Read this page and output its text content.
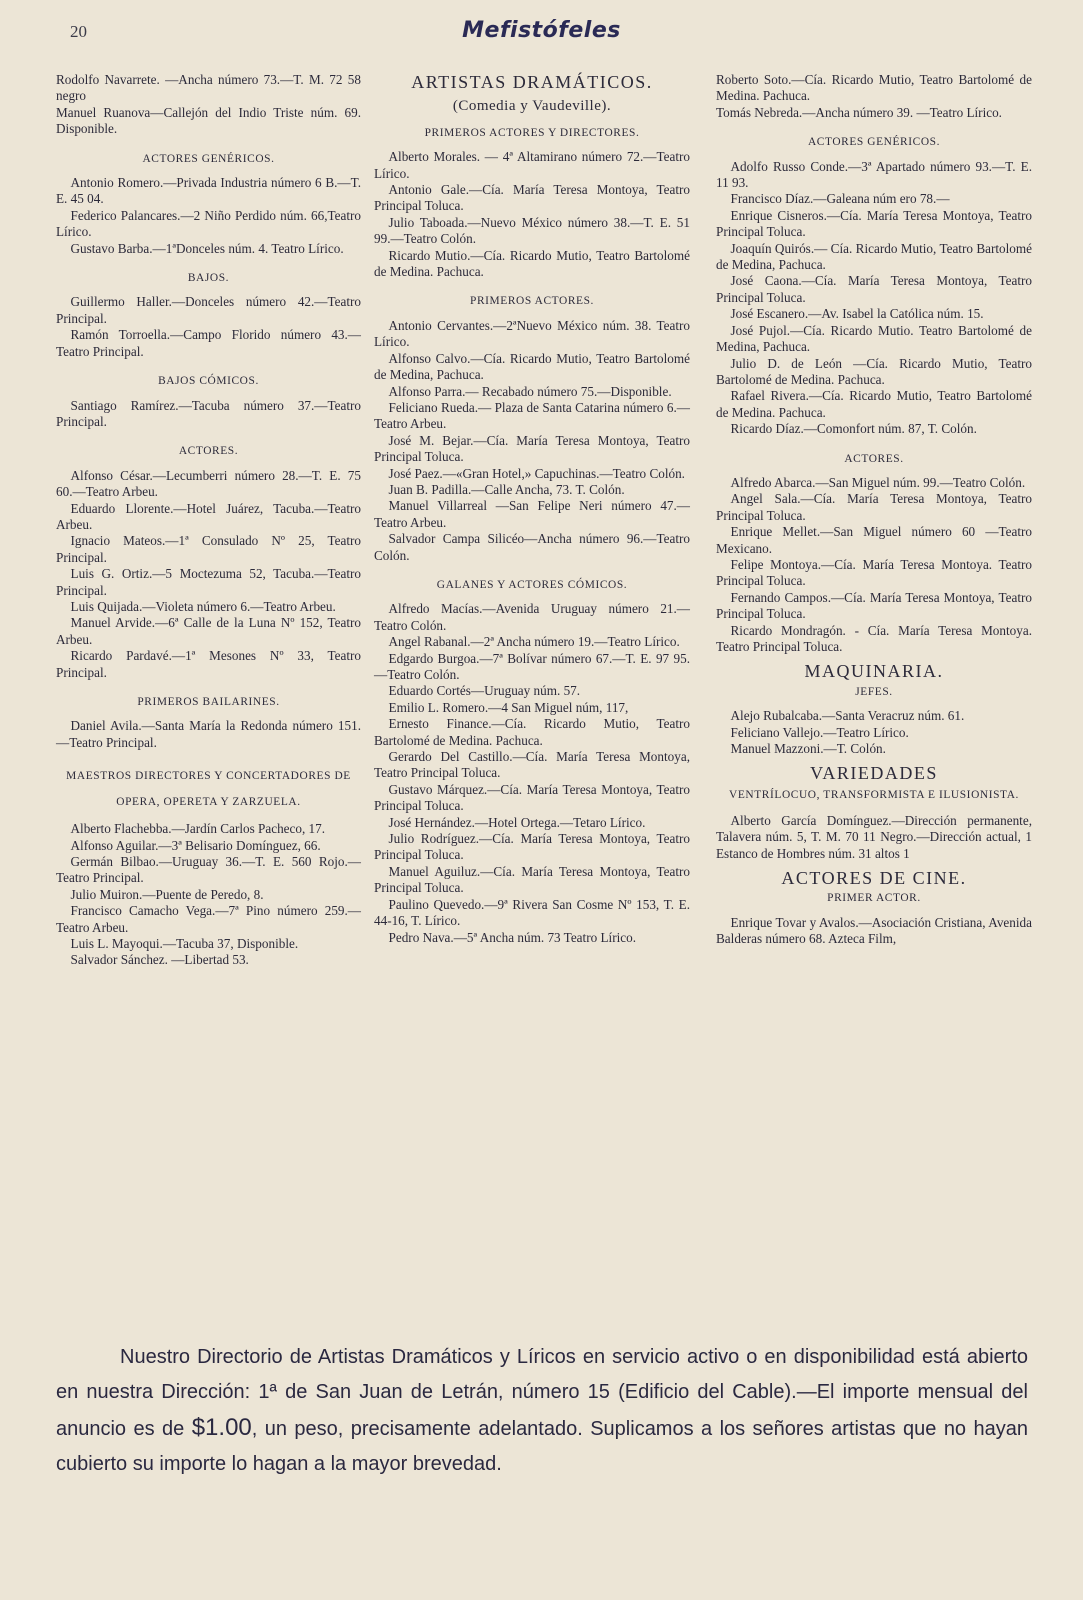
20	Mefistófeles

Rodolfo Navarrete. —Ancha número 73.—T. M. 72 58 negro

Manuel Ruanova—Callejón del Indio Triste núm. 69. Disponible.

ACTORES GENÉRICOS.

Antonio Romero.—Privada Industria número 6 B.—T. E. 45 04.

Federico Palancares.—2 Niño Perdido núm. 66,Teatro Lírico.

Gustavo Barba.—1ªDonceles núm. 4. Teatro Lírico.

BAJOS.

Guillermo Haller.—Donceles número 42.—Teatro Principal.

Ramón Torroella.—Campo Florido número 43.—Teatro Principal.

BAJOS CÓMICOS.

Santiago Ramírez.—Tacuba número 37.—Teatro Principal.

ACTORES.

Alfonso César.—Lecumberri número 28.—T. E. 75 60.—Teatro Arbeu.

Eduardo Llorente.—Hotel Juárez, Tacuba.—Teatro Arbeu.

Ignacio Mateos.—1ª Consulado Nº 25, Teatro Principal.

Luis G. Ortiz.—5 Moctezuma 52, Tacuba.—Teatro Principal.

Luis Quijada.—Violeta número 6.—Teatro Arbeu.

Manuel Arvide.—6ª Calle de la Luna Nº 152, Teatro Arbeu.

Ricardo Pardavé.—1ª Mesones Nº 33, Teatro Principal.

PRIMEROS BAILARINES.

Daniel Avila.—Santa María la Redonda número 151.—Teatro Principal.

MAESTROS DIRECTORES Y CONCERTADORES DE OPERA, OPERETA Y ZARZUELA.

Alberto Flachebba.—Jardín Carlos Pacheco, 17.

Alfonso Aguilar.—3ª Belisario Domínguez, 66.

Germán Bilbao.—Uruguay 36.—T. E. 560 Rojo.—Teatro Principal.

Julio Muiron.—Puente de Peredo, 8.

Francisco Camacho Vega.—7ª Pino número 259.—Teatro Arbeu.

Luis L. Mayoqui.—Tacuba 37, Disponible.

Salvador Sánchez. —Libertad 53.

ARTISTAS DRAMÁTICOS.
(Comedia y Vaudeville).
PRIMEROS ACTORES Y DIRECTORES.

Alberto Morales. — 4ª Altamirano número 72.—Teatro Lírico.

Antonio Gale.—Cía. María Teresa Montoya, Teatro Principal Toluca.

Julio Taboada.—Nuevo México número 38.—T. E. 51 99.—Teatro Colón.

Ricardo Mutio.—Cía. Ricardo Mutio, Teatro Bartolomé de Medina. Pachuca.

PRIMEROS ACTORES.

Antonio Cervantes.—2ªNuevo México núm. 38. Teatro Lírico.

Alfonso Calvo.—Cía. Ricardo Mutio, Teatro Bartolomé de Medina, Pachuca.

Alfonso Parra.— Recabado número 75.—Disponible.

Feliciano Rueda.— Plaza de Santa Catarina número 6.—Teatro Arbeu.

José M. Bejar.—Cía. María Teresa Montoya, Teatro Principal Toluca.

José Paez.—«Gran Hotel,» Capuchinas.—Teatro Colón.

Juan B. Padilla.—Calle Ancha, 73. T. Colón.

Manuel Villarreal —San Felipe Neri número 47.—Teatro Arbeu.

Salvador Campa Silicéo—Ancha número 96.—Teatro Colón.

GALANES Y ACTORES CÓMICOS.

Alfredo Macías.—Avenida Uruguay número 21.—Teatro Colón.

Angel Rabanal.—2ª Ancha número 19.—Teatro Lírico.

Edgardo Burgoa.—7ª Bolívar número 67.—T. E. 97 95.—Teatro Colón.

Eduardo Cortés—Uruguay núm. 57.

Emilio L. Romero.—4 San Miguel núm, 117,

Ernesto Finance.—Cía. Ricardo Mutio, Teatro Bartolomé de Medina. Pachuca.

Gerardo Del Castillo.—Cía. María Teresa Montoya, Teatro Principal Toluca.

Gustavo Márquez.—Cía. María Teresa Montoya, Teatro Principal Toluca.

José Hernández.—Hotel Ortega.—Tetaro Lírico.

Julio Rodríguez.—Cía. María Teresa Montoya, Teatro Principal Toluca.

Manuel Aguiluz.—Cía. María Teresa Montoya, Teatro Principal Toluca.

Paulino Quevedo.—9ª Rivera San Cosme Nº 153, T. E. 44-16, T. Lírico.

Pedro Nava.—5ª Ancha núm. 73 Teatro Lírico.

Roberto Soto.—Cía. Ricardo Mutio, Teatro Bartolomé de Medina. Pachuca.

Tomás Nebreda.—Ancha número 39. —Teatro Lírico.

ACTORES GENÉRICOS.

Adolfo Russo Conde.—3ª Apartado número 93.—T. E. 11 93.

Francisco Díaz.—Galeana núm ero 78.—

Enrique Cisneros.—Cía. María Teresa Montoya, Teatro Principal Toluca.

Joaquín Quirós.— Cía. Ricardo Mutio, Teatro Bartolomé de Medina, Pachuca.

José Caona.—Cía. María Teresa Montoya, Teatro Principal Toluca.

José Escanero.—Av. Isabel la Católica núm. 15.

José Pujol.—Cía. Ricardo Mutio. Teatro Bartolomé de Medina, Pachuca.

Julio D. de León —Cía. Ricardo Mutio, Teatro Bartolomé de Medina. Pachuca.

Rafael Rivera.—Cía. Ricardo Mutio, Teatro Bartolomé de Medina. Pachuca.

Ricardo Díaz.—Comonfort núm. 87, T. Colón.

ACTORES.

Alfredo Abarca.—San Miguel núm. 99.—Teatro Colón.

Angel Sala.—Cía. María Teresa Montoya, Teatro Principal Toluca.

Enrique Mellet.—San Miguel número 60 —Teatro Mexicano.

Felipe Montoya.—Cía. María Teresa Montoya. Teatro Principal Toluca.

Fernando Campos.—Cía. María Teresa Montoya, Teatro Principal Toluca.

Ricardo Mondragón. - Cía. María Teresa Montoya. Teatro Principal Toluca.

MAQUINARIA.
JEFES.

Alejo Rubalcaba.—Santa Veracruz núm. 61.

Feliciano Vallejo.—Teatro Lírico.

Manuel Mazzoni.—T. Colón.

VARIEDADES
VENTRÍLOCUO, TRANSFORMISTA E ILUSIONISTA.

Alberto García Domínguez.—Dirección permanente, Talavera núm. 5, T. M. 70 11 Negro.—Dirección actual, 1 Estanco de Hombres núm. 31 altos 1

ACTORES DE CINE.
PRIMER ACTOR.

Enrique Tovar y Avalos.—Asociación Cristiana, Avenida Balderas número 68. Azteca Film,

Nuestro Directorio de Artistas Dramáticos y Líricos en servicio activo o en disponibilidad está abierto en nuestra Dirección: 1ª de San Juan de Letrán, número 15 (Edificio del Cable).—El importe mensual del anuncio es de $1.00, un peso, precisamente adelantado. Suplicamos a los señores artistas que no hayan cubierto su importe lo hagan a la mayor brevedad.
